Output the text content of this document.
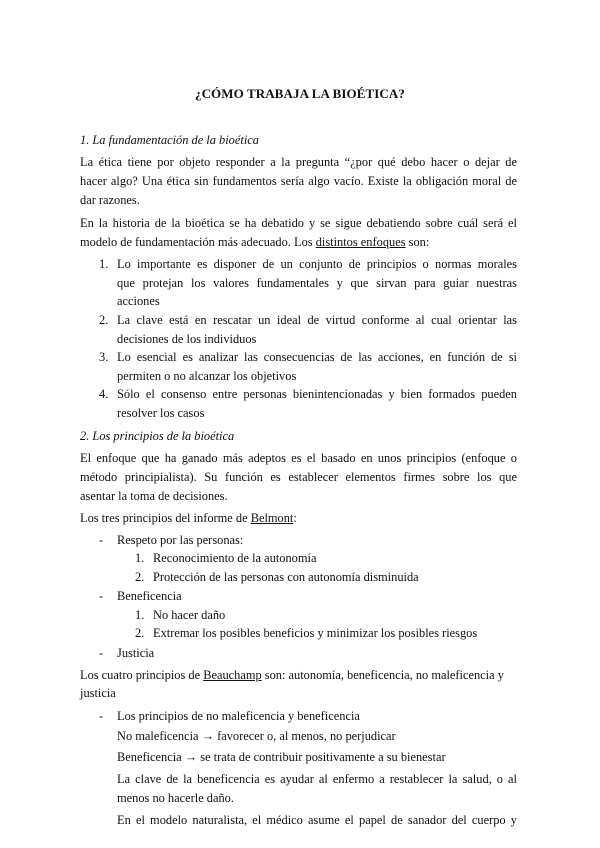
¿CÓMO TRABAJA LA BIOÉTICA?
1. La fundamentación de la bioética
La ética tiene por objeto responder a la pregunta “¿por qué debo hacer o dejar de
hacer algo? Una ética sin fundamentos sería algo vacío. Existe la obligación moral de
dar razones.
En la historia de la bioética se ha debatido y se sigue debatiendo sobre cuál será el
modelo de fundamentación más adecuado. Los distintos enfoques son:
1. Lo importante es disponer de un conjunto de principios o normas morales
que protejan los valores fundamentales y que sirvan para guiar nuestras
acciones
2. La clave está en rescatar un ideal de virtud conforme al cual orientar las
decisiones de los individuos
3. Lo esencial es analizar las consecuencias de las acciones, en función de si
permiten o no alcanzar los objetivos
4. Sólo el consenso entre personas bienintencionadas y bien formados pueden
resolver los casos
2. Los principios de la bioética
El enfoque que ha ganado más adeptos es el basado en unos principios (enfoque o
método principialista). Su función es establecer elementos firmes sobre los que
asentar la toma de decisiones.
Los tres principios del informe de Belmont:
- Respeto por las personas:
1. Reconocimiento de la autonomía
2. Protección de las personas con autonomía disminuida
- Beneficencia
1. No hacer daño
2. Extremar los posibles beneficios y minimizar los posibles riesgos
- Justicia
Los cuatro principios de Beauchamp son: autonomía, beneficencia, no maleficencia y
justicia
- Los principios de no maleficencia y beneficencia
No maleficencia → favorecer o, al menos, no perjudicar
Beneficencia → se trata de contribuir positivamente a su bienestar
La clave de la beneficencia es ayudar al enfermo a restablecer la salud, o al
menos no hacerle daño.
En el modelo naturalista, el médico asume el papel de sanador del cuerpo y
